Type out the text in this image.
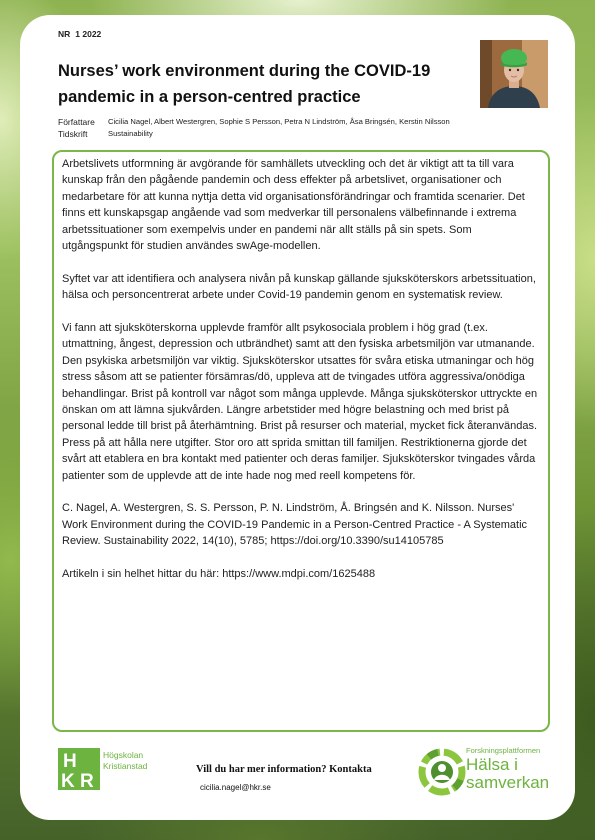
NR 1 2022
Nurses’ work environment during the COVID-19
pandemic in a person-centred practice
Författare Cicilia Nagel, Albert Westergren, Sophie S Persson, Petra N Lindström, Åsa Bringsén, Kerstin Nilsson
Tidskrift	Sustainability

Arbetslivets utformning är avgörande för samhällets utveckling och det är viktigt att ta till vara kunskap från den pågående pandemin och dess effekter på arbetslivet, organisationer och medarbetare för att kunna nyttja detta vid organisationsförändringar och framtida scenarier. Det finns ett kunskapsgap angående vad som medverkar till personalens välbefinnande i extrema arbetssituationer som exempelvis under en pandemi när allt ställs på sin spets. Som utgångspunkt för studien användes swAge-modellen.

Syftet var att identifiera och analysera nivån på kunskap gällande sjuksköterskors arbetssituation, hälsa och personcentrerat arbete under Covid-19 pandemin genom en systematisk review.

Vi fann att sjuksköterskorna upplevde framför allt psykosociala problem i hög grad (t.ex. utmattning, ångest, depression och utbrändhet) samt att den fysiska arbetsmiljön var utmanande. Den psykiska arbetsmiljön var viktig. Sjuksköterskor utsattes för svåra etiska utmaningar och hög stress såsom att se patienter försämras/dö, uppleva att de tvingades utföra aggressiva/onödiga behandlingar. Brist på kontroll var något som många upplevde. Många sjuksköterskor uttryckte en önskan om att lämna sjukvården. Längre arbetstider med högre belastning och med brist på personal ledde till brist på återhämtning. Brist på resurser och material, mycket fick återanvändas. Press på att hålla nere utgifter. Stor oro att sprida smittan till familjen. Restriktionerna gjorde det svårt att etablera en bra kontakt med patienter och deras familjer. Sjuksköterskor tvingades vårda patienter som de upplevde att de inte hade nog med reell kompetens för.

C. Nagel, A. Westergren, S. S. Persson, P. N. Lindström, Å. Bringsén and K. Nilsson. Nurses' Work Environment during the COVID-19 Pandemic in a Person-Centred Practice - A Systematic Review. Sustainability 2022, 14(10), 5785; https://doi.org/10.3390/su14105785

Artikeln i sin helhet hittar du här: https://www.mdpi.com/1625488

H
K R
Högskolan
Kristianstad	Vill du har mer information? Kontakta
cicilia.nagel@hkr.se
Forskningsplattformen
Hälsa i
samverkan
